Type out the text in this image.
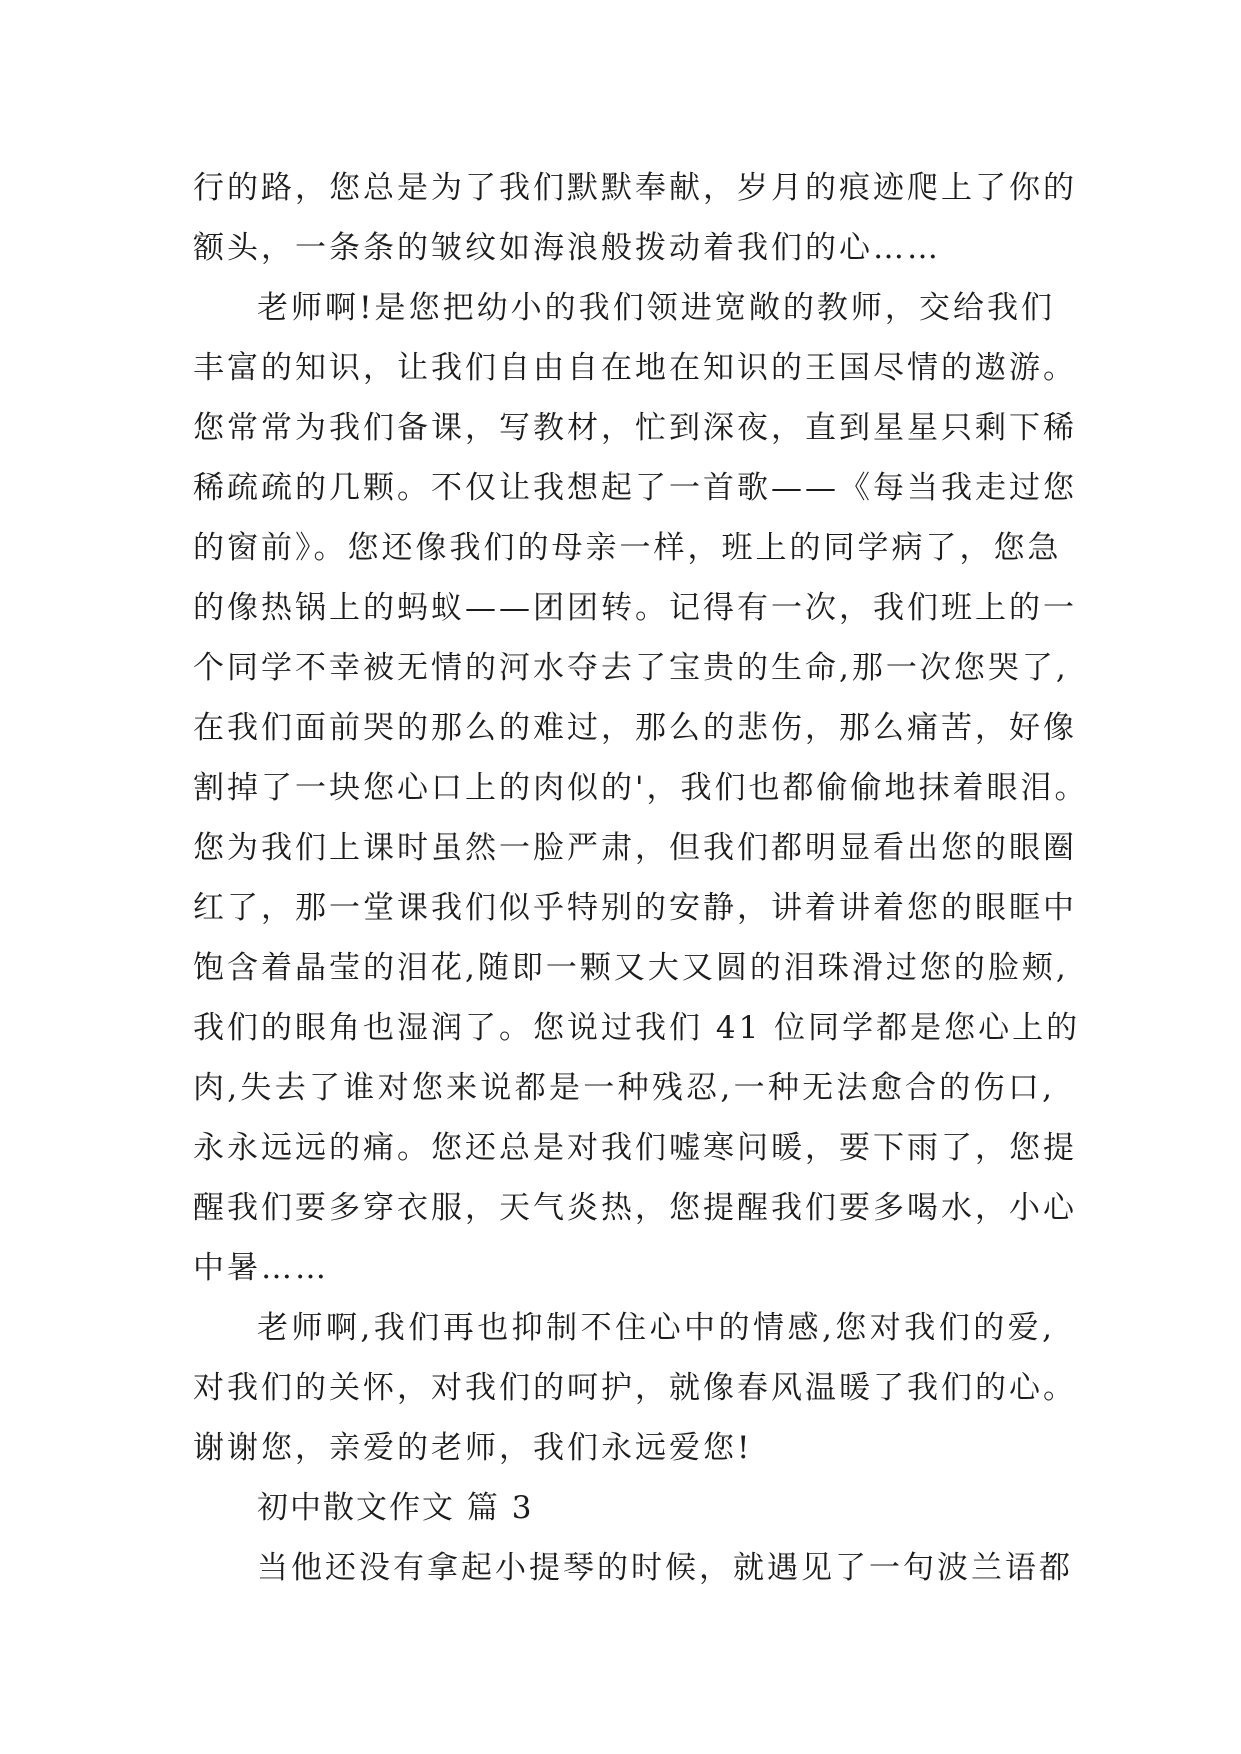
行的路，您总是为了我们默默奉献，岁月的痕迹爬上了你的
额头，一条条的皱纹如海浪般拨动着我们的心……
老师啊!是您把幼小的我们领进宽敞的教师，交给我们
丰富的知识，让我们自由自在地在知识的王国尽情的遨游。
您常常为我们备课，写教材，忙到深夜，直到星星只剩下稀
稀疏疏的几颗。不仅让我想起了一首歌——《每当我走过您
的窗前》。您还像我们的母亲一样，班上的同学病了，您急
的像热锅上的蚂蚁——团团转。记得有一次，我们班上的一
个同学不幸被无情的河水夺去了宝贵的生命,那一次您哭了,
在我们面前哭的那么的难过，那么的悲伤，那么痛苦，好像
割掉了一块您心口上的肉似的'，我们也都偷偷地抹着眼泪。
您为我们上课时虽然一脸严肃，但我们都明显看出您的眼圈
红了，那一堂课我们似乎特别的安静，讲着讲着您的眼眶中
饱含着晶莹的泪花,随即一颗又大又圆的泪珠滑过您的脸颊,
我们的眼角也湿润了。您说过我们 41 位同学都是您心上的
肉,失去了谁对您来说都是一种残忍,一种无法愈合的伤口,
永永远远的痛。您还总是对我们嘘寒问暖，要下雨了，您提
醒我们要多穿衣服，天气炎热，您提醒我们要多喝水，小心
中暑……
老师啊,我们再也抑制不住心中的情感,您对我们的爱,
对我们的关怀，对我们的呵护，就像春风温暖了我们的心。
谢谢您，亲爱的老师，我们永远爱您!
初中散文作文 篇 3
当他还没有拿起小提琴的时候，就遇见了一句波兰语都
